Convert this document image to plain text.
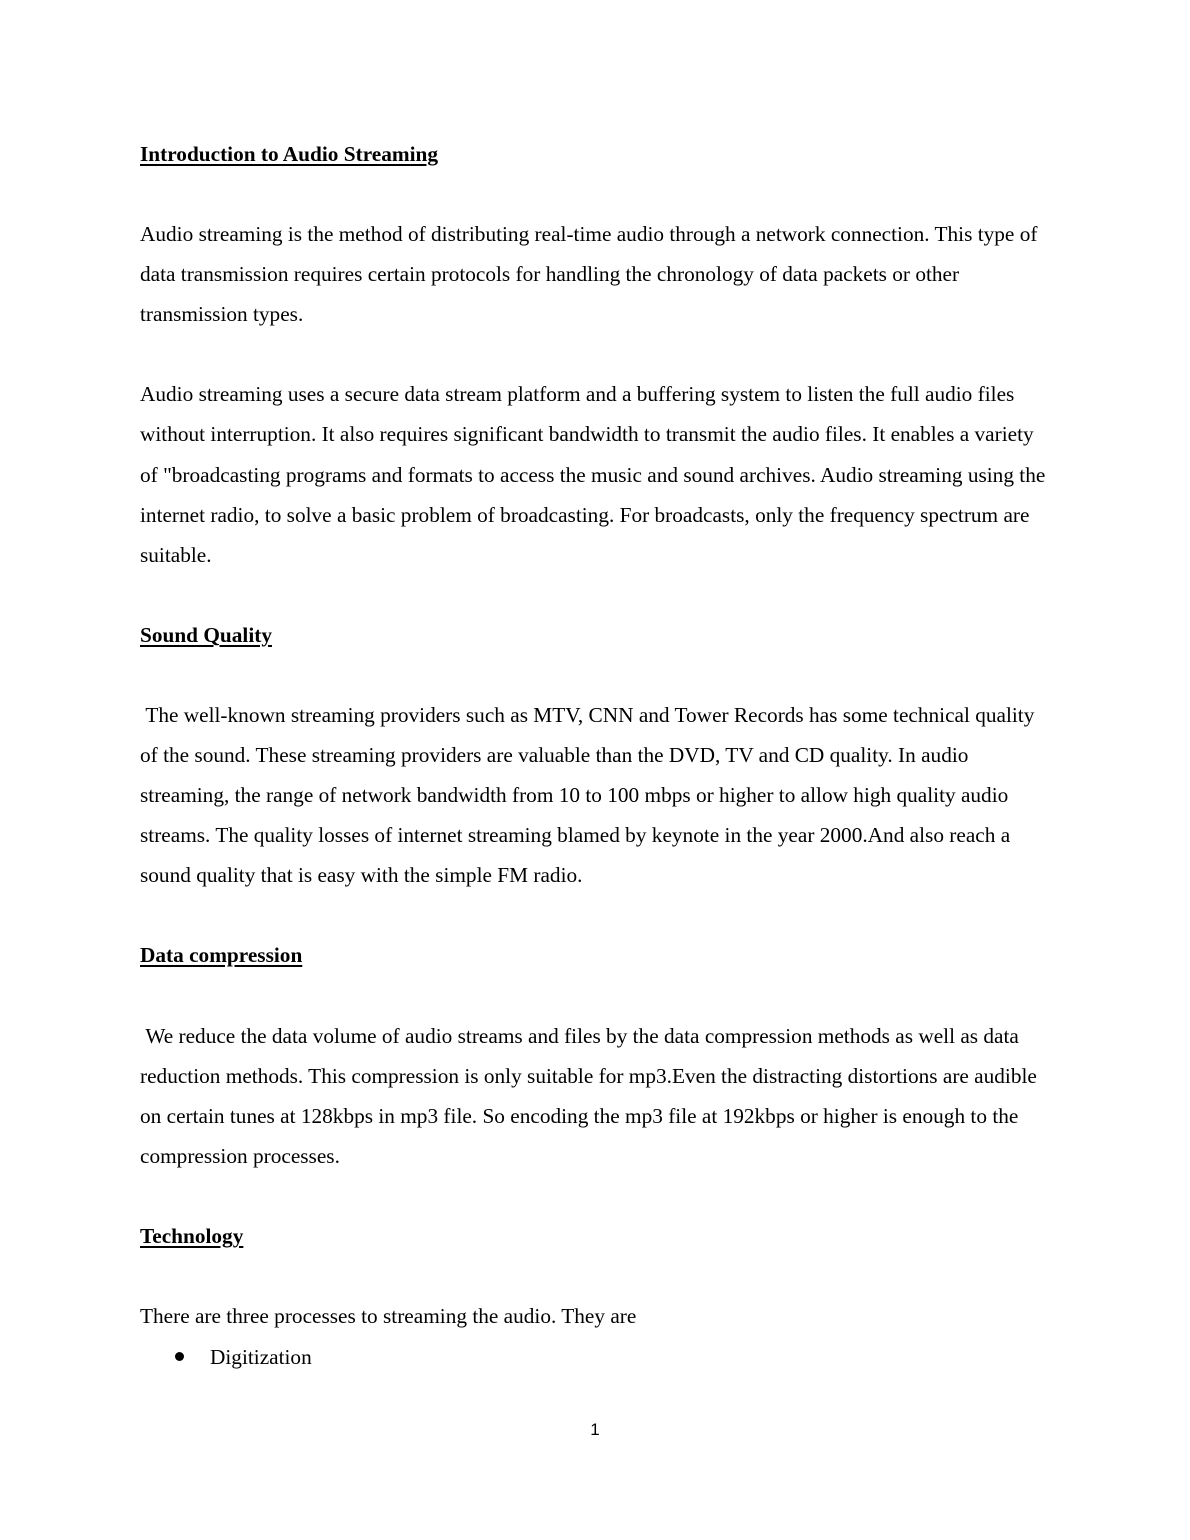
Introduction to Audio Streaming

Audio streaming is the method of distributing real-time audio through a network connection. This type of data transmission requires certain protocols for handling the chronology of data packets or other transmission types.

Audio streaming uses a secure data stream platform and a buffering system to listen the full audio files without interruption. It also requires significant bandwidth to transmit the audio files. It enables a variety of "broadcasting programs and formats to access the music and sound archives. Audio streaming using the internet radio, to solve a basic problem of broadcasting. For broadcasts, only the frequency spectrum are suitable.

Sound Quality

The well-known streaming providers such as MTV, CNN and Tower Records has some technical quality of the sound. These streaming providers are valuable than the DVD, TV and CD quality. In audio streaming, the range of network bandwidth from 10 to 100 mbps or higher to allow high quality audio streams. The quality losses of internet streaming blamed by keynote in the year 2000.And also reach a sound quality that is easy with the simple FM radio.

Data compression

We reduce the data volume of audio streams and files by the data compression methods as well as data reduction methods. This compression is only suitable for mp3.Even the distracting distortions are audible on certain tunes at 128kbps in mp3 file. So encoding the mp3 file at 192kbps or higher is enough to the compression processes.

Technology

There are three processes to streaming the audio. They are

Digitization
1
